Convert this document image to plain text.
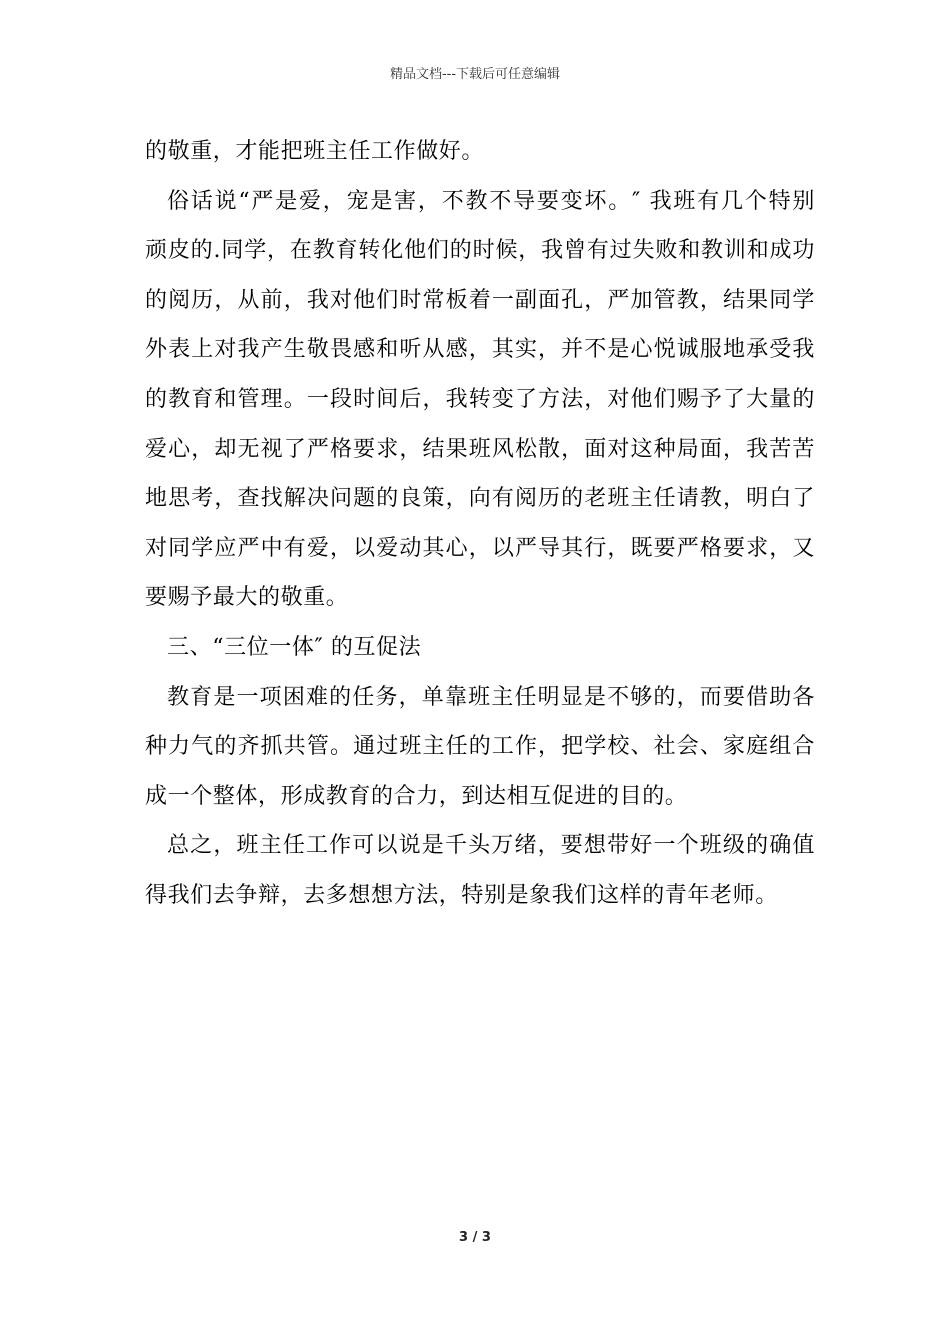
精品文档---下载后可任意编辑

的敬重，才能把班主任工作做好。

俗话说“严是爱，宠是害，不教不导要变坏。″ 我班有几个特别
顽皮的.同学，在教育转化他们的时候，我曾有过失败和教训和成功
的阅历，从前，我对他们时常板着一副面孔，严加管教，结果同学
外表上对我产生敬畏感和听从感，其实，并不是心悦诚服地承受我
的教育和管理。一段时间后，我转变了方法，对他们赐予了大量的
爱心，却无视了严格要求，结果班风松散，面对这种局面，我苦苦
地思考，查找解决问题的良策，向有阅历的老班主任请教，明白了
对同学应严中有爱，以爱动其心，以严导其行，既要严格要求，又
要赐予最大的敬重。

三、“三位一体″ 的互促法

教育是一项困难的任务，单靠班主任明显是不够的，而要借助各
种力气的齐抓共管。通过班主任的工作，把学校、社会、家庭组合
成一个整体，形成教育的合力，到达相互促进的目的。

总之，班主任工作可以说是千头万绪，要想带好一个班级的确值
得我们去争辩，去多想想方法，特别是象我们这样的青年老师。

3 / 3
